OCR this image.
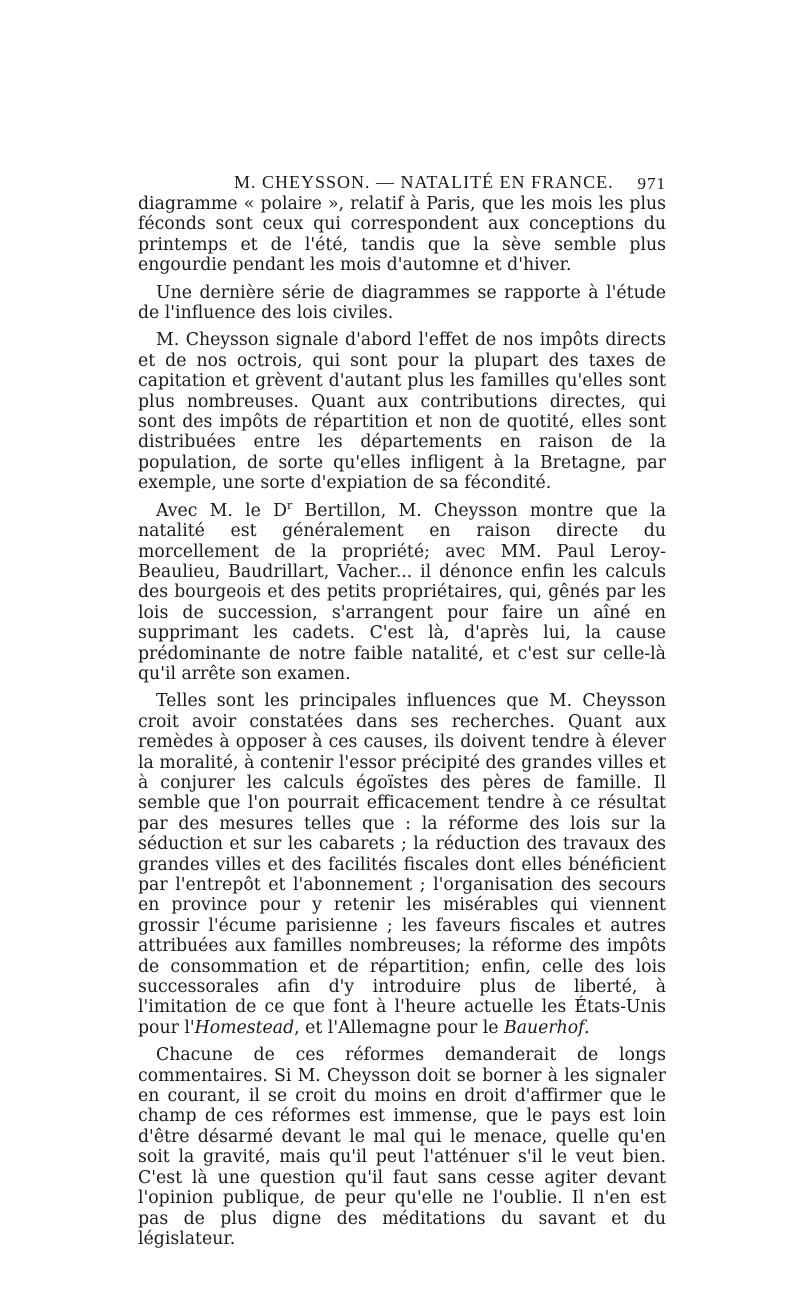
M. CHEYSSON. — NATALITÉ EN FRANCE. 971

diagramme « polaire », relatif à Paris, que les mois les plus féconds sont ceux qui correspondent aux conceptions du printemps et de l'été, tandis que la sève semble plus engourdie pendant les mois d'automne et d'hiver.

Une dernière série de diagrammes se rapporte à l'étude de l'influence des lois civiles.

M. Cheysson signale d'abord l'effet de nos impôts directs et de nos octrois, qui sont pour la plupart des taxes de capitation et grèvent d'autant plus les familles qu'elles sont plus nombreuses. Quant aux contributions directes, qui sont des impôts de répartition et non de quotité, elles sont distribuées entre les départements en raison de la population, de sorte qu'elles infligent à la Bretagne, par exemple, une sorte d'expiation de sa fécondité.

Avec M. le $D^r$ Bertillon, M. Cheysson montre que la natalité est généralement en raison directe du morcellement de la propriété; avec MM. Paul Leroy-Beaulieu, Baudrillart, Vacher... il dénonce enfin les calculs des bourgeois et des petits propriétaires, qui, gênés par les lois de succession, s'arrangent pour faire un aîné en supprimant les cadets. C'est là, d'après lui, la cause prédominante de notre faible natalité, et c'est sur celle-là qu'il arrête son examen.

Telles sont les principales influences que M. Cheysson croit avoir constatées dans ses recherches. Quant aux remèdes à opposer à ces causes, ils doivent tendre à élever la moralité, à contenir l'essor précipité des grandes villes et à conjurer les calculs égoïstes des pères de famille. Il semble que l'on pourrait efficacement tendre à ce résultat par des mesures telles que : la réforme des lois sur la séduction et sur les cabarets ; la réduction des travaux des grandes villes et des facilités fiscales dont elles bénéficient par l'entrepôt et l'abonnement ; l'organisation des secours en province pour y retenir les misérables qui viennent grossir l'écume parisienne ; les faveurs fiscales et autres attribuées aux familles nombreuses; la réforme des impôts de consommation et de répartition; enfin, celle des lois successorales afin d'y introduire plus de liberté, à l'imitation de ce que font à l'heure actuelle les États-Unis pour l'Homestead, et l'Allemagne pour le Bauerhof.

Chacune de ces réformes demanderait de longs commentaires. Si M. Cheysson doit se borner à les signaler en courant, il se croit du moins en droit d'affirmer que le champ de ces réformes est immense, que le pays est loin d'être désarmé devant le mal qui le menace, quelle qu'en soit la gravité, mais qu'il peut l'atténuer s'il le veut bien. C'est là une question qu'il faut sans cesse agiter devant l'opinion publique, de peur qu'elle ne l'oublie. Il n'en est pas de plus digne des méditations du savant et du législateur.
